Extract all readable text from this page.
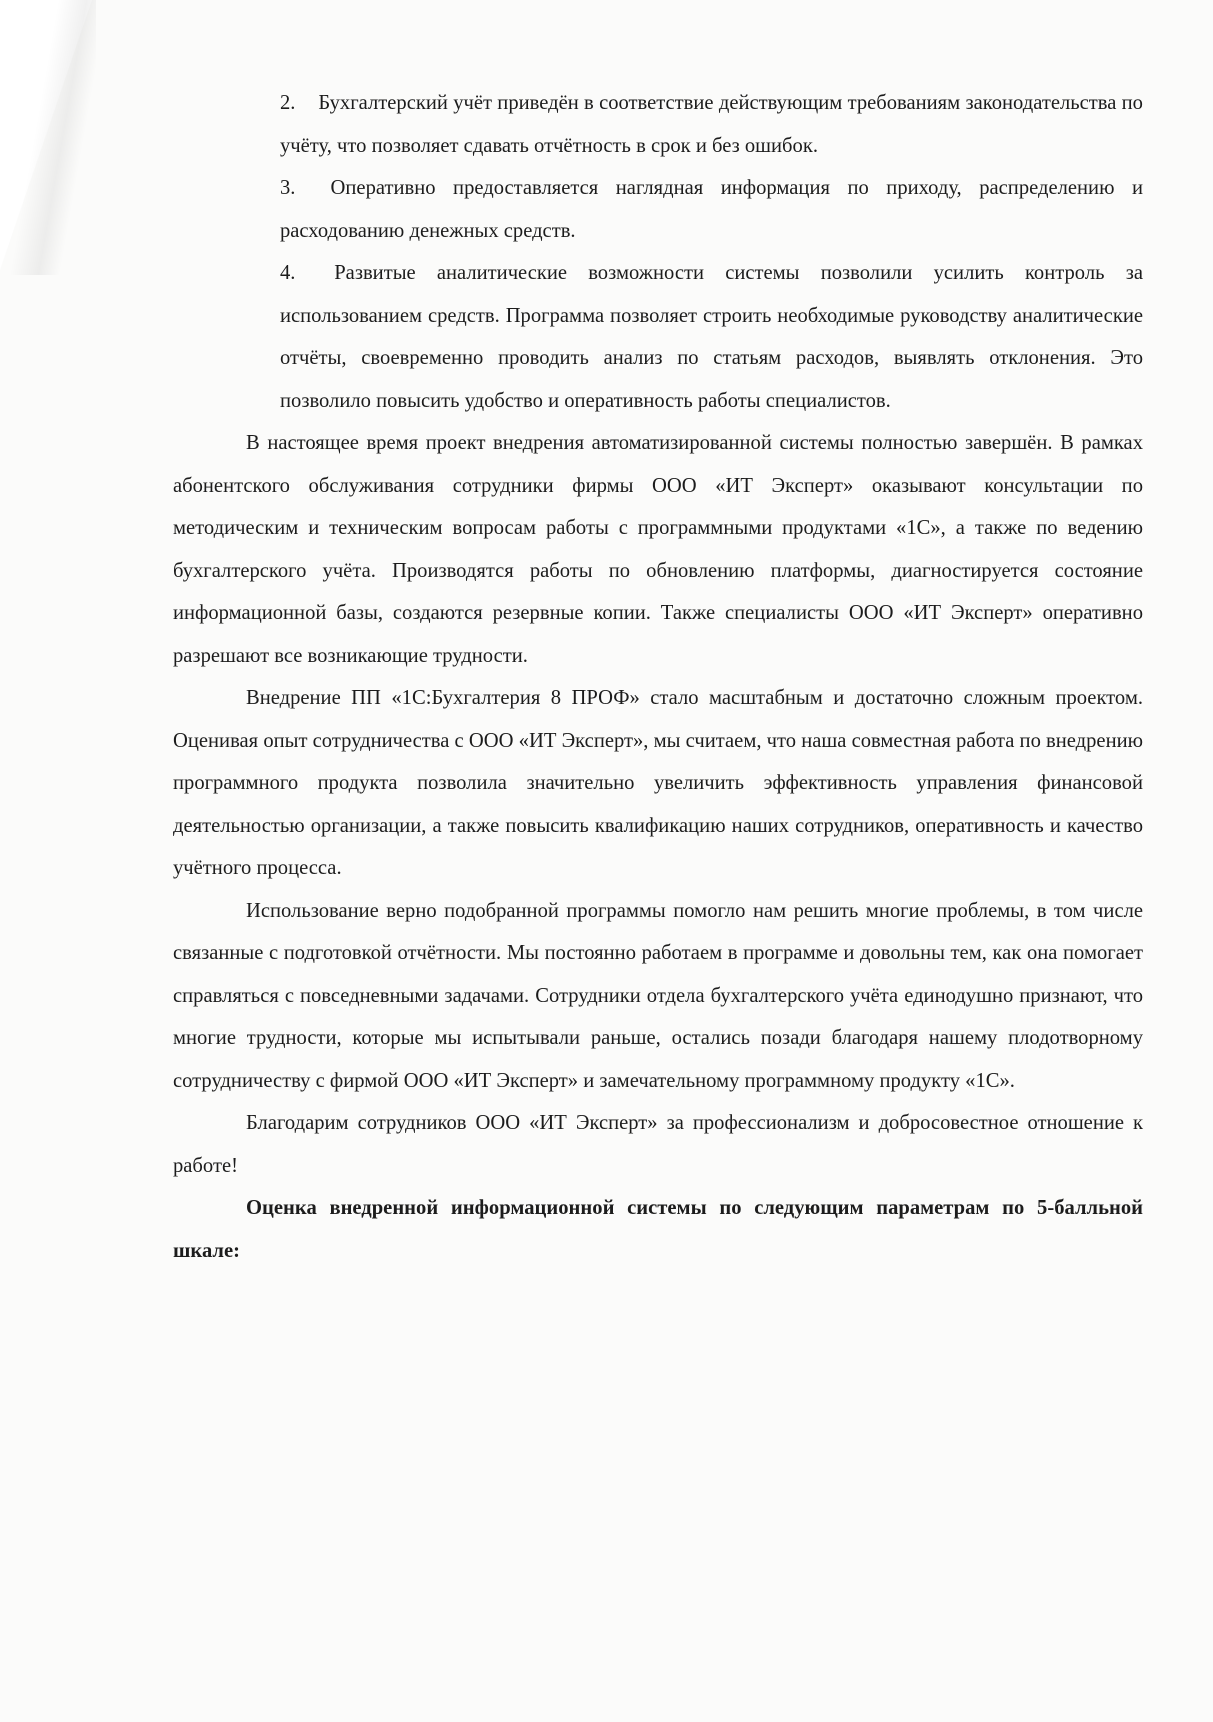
2. Бухгалтерский учёт приведён в соответствие действующим требованиям законодательства по учёту, что позволяет сдавать отчётность в срок и без ошибок.
3. Оперативно предоставляется наглядная информация по приходу, распределению и расходованию денежных средств.
4. Развитые аналитические возможности системы позволили усилить контроль за использованием средств. Программа позволяет строить необходимые руководству аналитические отчёты, своевременно проводить анализ по статьям расходов, выявлять отклонения. Это позволило повысить удобство и оперативность работы специалистов.

В настоящее время проект внедрения автоматизированной системы полностью завершён. В рамках абонентского обслуживания сотрудники фирмы ООО «ИТ Эксперт» оказывают консультации по методическим и техническим вопросам работы с программными продуктами «1С», а также по ведению бухгалтерского учёта. Производятся работы по обновлению платформы, диагностируется состояние информационной базы, создаются резервные копии. Также специалисты ООО «ИТ Эксперт» оперативно разрешают все возникающие трудности.

Внедрение ПП «1С:Бухгалтерия 8 ПРОФ» стало масштабным и достаточно сложным проектом. Оценивая опыт сотрудничества с ООО «ИТ Эксперт», мы считаем, что наша совместная работа по внедрению программного продукта позволила значительно увеличить эффективность управления финансовой деятельностью организации, а также повысить квалификацию наших сотрудников, оперативность и качество учётного процесса.

Использование верно подобранной программы помогло нам решить многие проблемы, в том числе связанные с подготовкой отчётности. Мы постоянно работаем в программе и довольны тем, как она помогает справляться с повседневными задачами. Сотрудники отдела бухгалтерского учёта единодушно признают, что многие трудности, которые мы испытывали раньше, остались позади благодаря нашему плодотворному сотрудничеству с фирмой ООО «ИТ Эксперт» и замечательному программному продукту «1С».

Благодарим сотрудников ООО «ИТ Эксперт» за профессионализм и добросовестное отношение к работе!

Оценка внедренной информационной системы по следующим параметрам по 5-балльной шкале:
